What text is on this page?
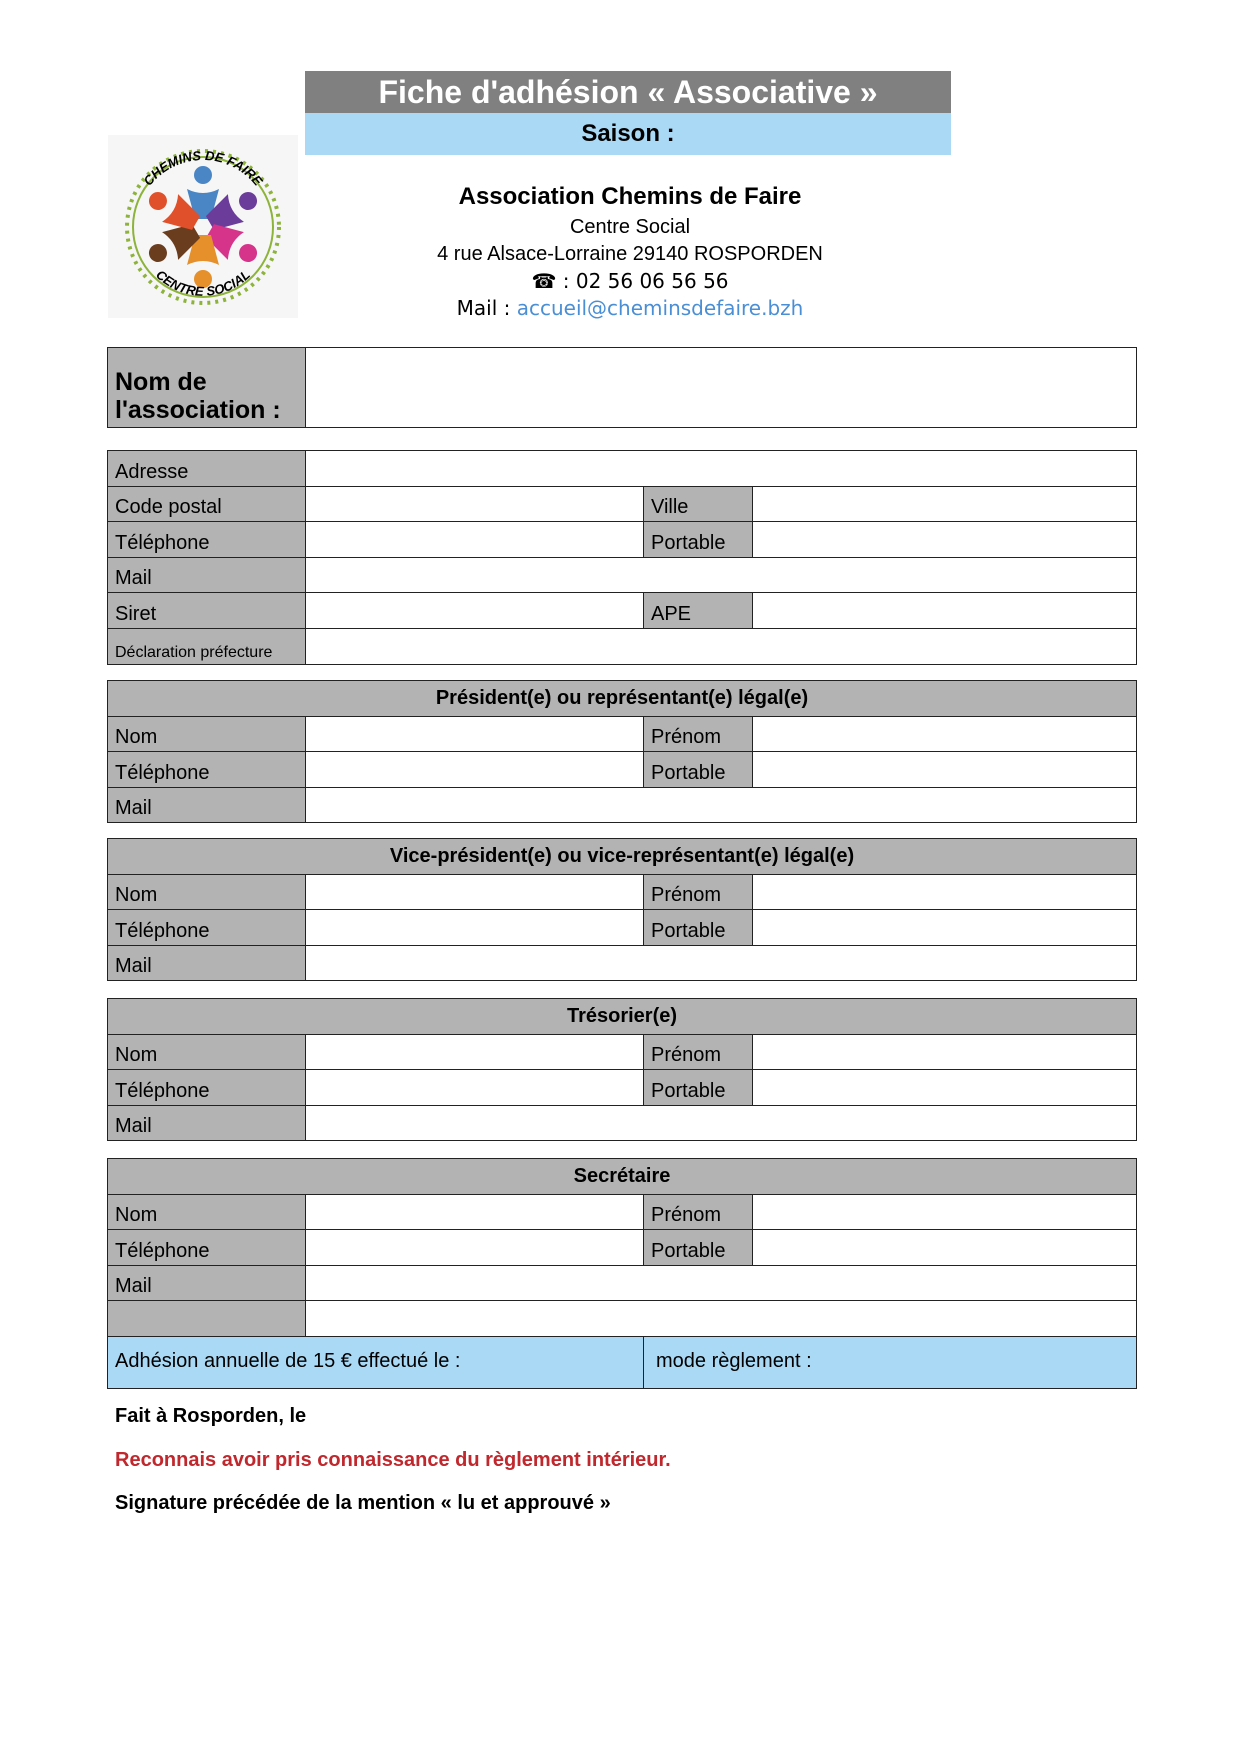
Fiche d'adhésion « Associative »
Saison :
CHEMINS DE FAIRE
CENTRE SOCIAL
Association Chemins de Faire
Centre Social
4 rue Alsace-Lorraine 29140 ROSPORDEN
☎ : 02 56 06 56 56
Mail : accueil@cheminsdefaire.bzh
Nom de l'association :	
Adresse			
Code postal		Ville	
Téléphone		Portable	
Mail			
Siret		APE	
Déclaration préfecture			
Président(e) ou représentant(e) légal(e)			
Nom		Prénom	
Téléphone		Portable	
Mail			
Vice-président(e) ou vice-représentant(e) légal(e)			
Nom		Prénom	
Téléphone		Portable	
Mail			
Trésorier(e)			
Nom		Prénom	
Téléphone		Portable	
Mail			
Secrétaire			
Nom		Prénom	
Téléphone		Portable	
Mail			

Adhésion annuelle de 15 € effectué le :		mode règlement :	
Fait à Rosporden, le
Reconnais avoir pris connaissance du règlement intérieur.
Signature précédée de la mention « lu et approuvé »
